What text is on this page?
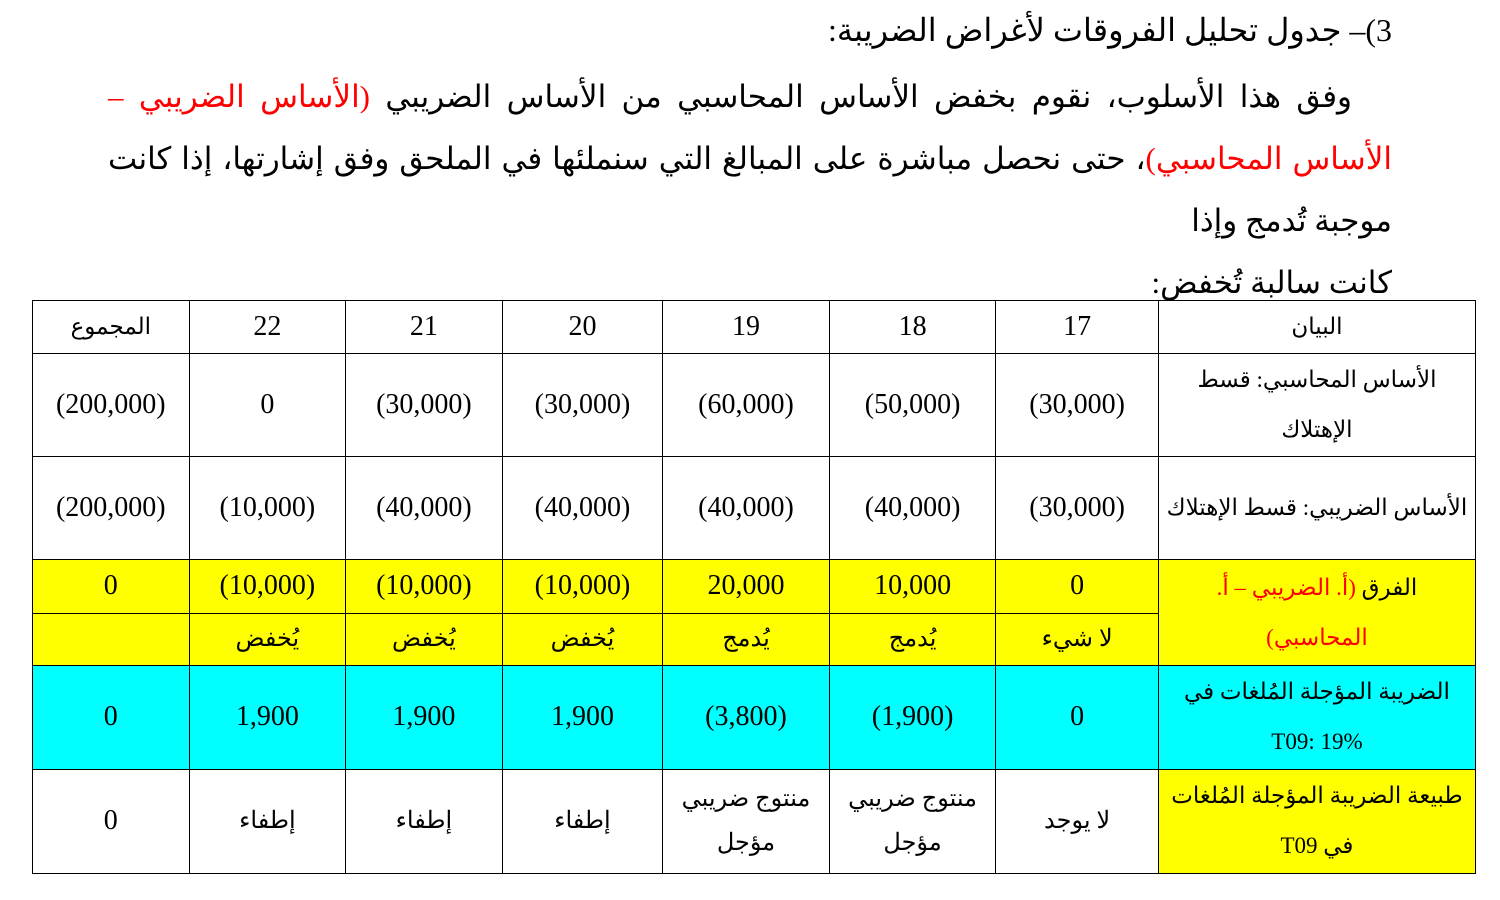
3)– جدول تحليل الفروقات لأغراض الضريبة:
وفق هذا الأسلوب، نقوم بخفض الأساس المحاسبي من الأساس الضريبي (الأساس الضريبي – الأساس المحاسبي)، حتى نحصل مباشرة على المبالغ التي سنملئها في الملحق وفق إشارتها، إذا كانت موجبة تُدمج وإذا
كانت سالبة تُخفض:
البيان	17	18	19	20	21	22	المجموع
الأساس المحاسبي: قسط الإهتلاك	(30,000)	(50,000)	(60,000)	(30,000)	(30,000)	0	(200,000)
الأساس الضريبي: قسط الإهتلاك	(30,000)	(40,000)	(40,000)	(40,000)	(40,000)	(10,000)	(200,000)
الفرق (أ. الضريبي – أ. المحاسبي)	0	10,000	20,000	(10,000)	(10,000)	(10,000)	0
	لا شيء	يُدمج	يُدمج	يُخفض	يُخفض	يُخفض	
الضريبة المؤجلة المُلغات في T09: 19%	0	(1,900)	(3,800)	1,900	1,900	1,900	0
طبيعة الضريبة المؤجلة المُلغات في T09	لا يوجد	منتوج ضريبي مؤجل	منتوج ضريبي مؤجل	إطفاء	إطفاء	إطفاء	0
